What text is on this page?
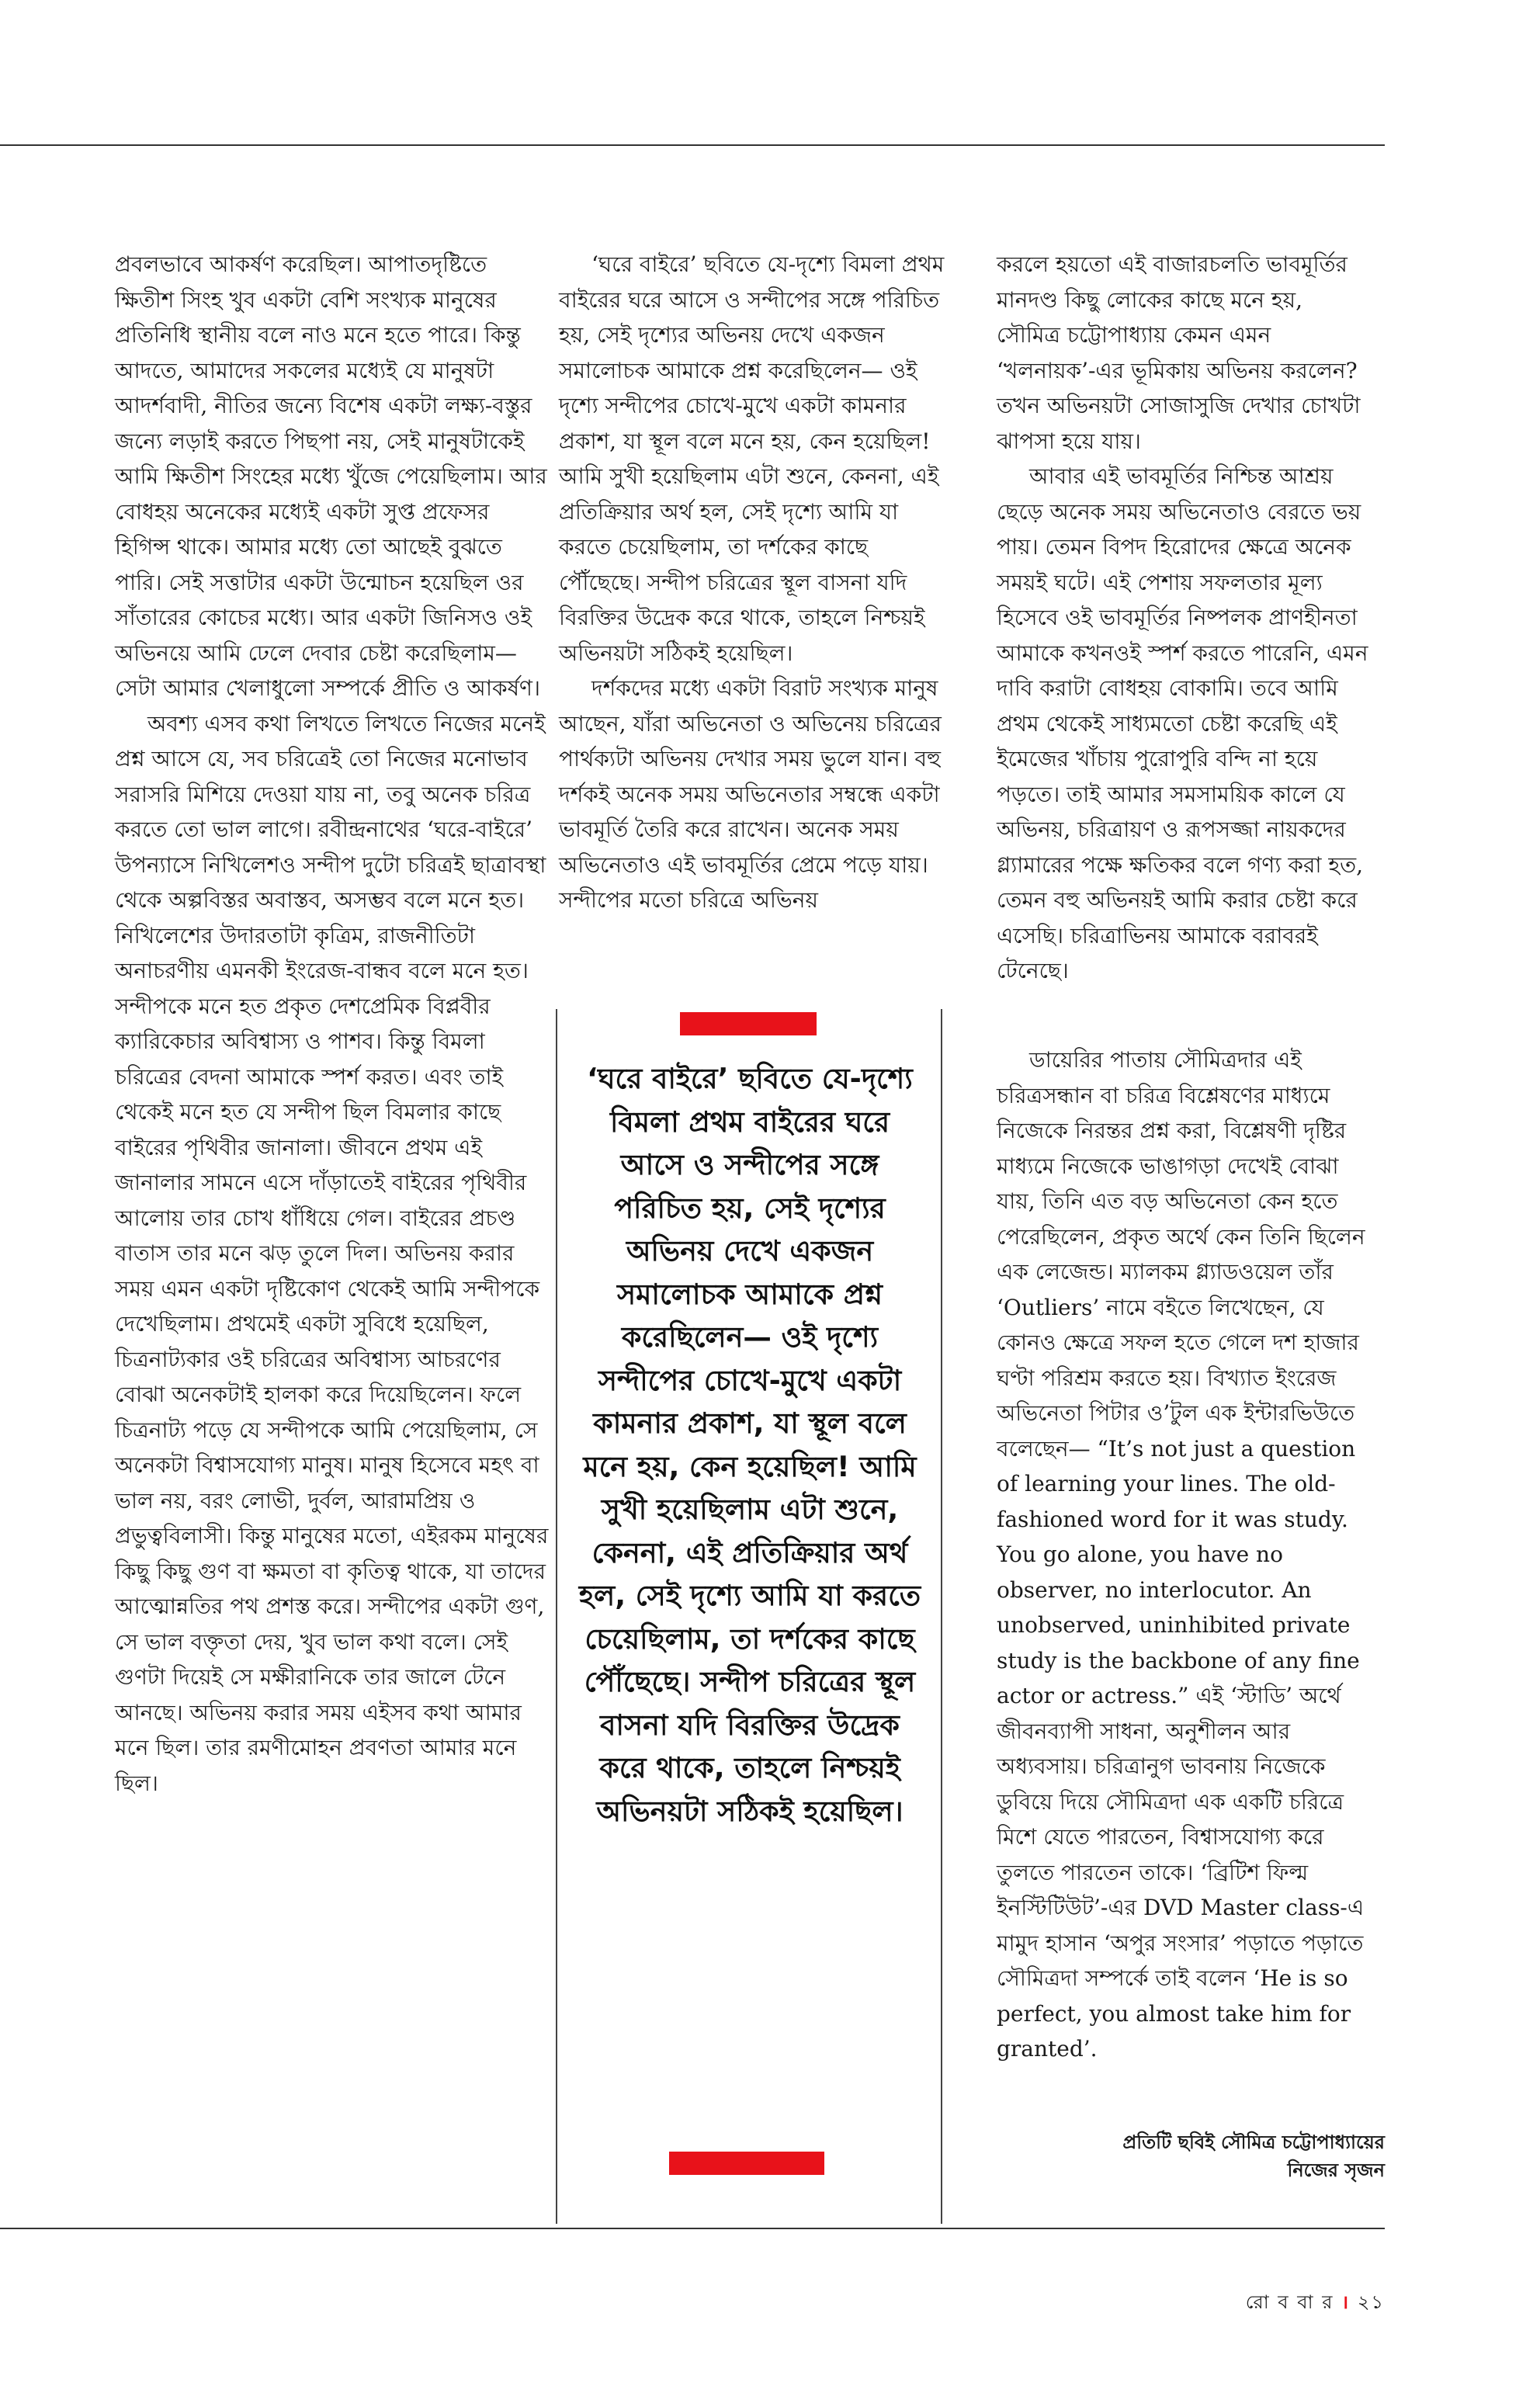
প্রবলভাবে আকর্ষণ করেছিল। আপাতদৃষ্টিতে ক্ষিতীশ সিংহ খুব একটা বেশি সংখ্যক মানুষের প্রতিনিধি স্থানীয় বলে নাও মনে হতে পারে। কিন্তু আদতে, আমাদের সকলের মধ্যেই যে মানুষটা আদর্শবাদী, নীতির জন্যে বিশেষ একটা লক্ষ্য-বস্তুর জন্যে লড়াই করতে পিছপা নয়, সেই মানুষটাকেই আমি ক্ষিতীশ সিংহের মধ্যে খুঁজে পেয়েছিলাম। আর বোধহয় অনেকের মধ্যেই একটা সুপ্ত প্রফেসর হিগিন্স থাকে। আমার মধ্যে তো আছেই বুঝতে পারি। সেই সত্তাটার একটা উন্মোচন হয়েছিল ওর সাঁতারের কোচের মধ্যে। আর একটা জিনিসও ওই অভিনয়ে আমি ঢেলে দেবার চেষ্টা করেছিলাম— সেটা আমার খেলাধুলো সম্পর্কে প্রীতি ও আকর্ষণ।

অবশ্য এসব কথা লিখতে লিখতে নিজের মনেই প্রশ্ন আসে যে, সব চরিত্রেই তো নিজের মনোভাব সরাসরি মিশিয়ে দেওয়া যায় না, তবু অনেক চরিত্র করতে তো ভাল লাগে। রবীন্দ্রনাথের ‘ঘরে-বাইরে’ উপন্যাসে নিখিলেশও সন্দীপ দুটো চরিত্রই ছাত্রাবস্থা থেকে অল্পবিস্তর অবাস্তব, অসম্ভব বলে মনে হত। নিখিলেশের উদারতাটা কৃত্রিম, রাজনীতিটা অনাচরণীয় এমনকী ইংরেজ-বান্ধব বলে মনে হত। সন্দীপকে মনে হত প্রকৃত দেশপ্রেমিক বিপ্লবীর ক্যারিকেচার অবিশ্বাস্য ও পাশব। কিন্তু বিমলা চরিত্রের বেদনা আমাকে স্পর্শ করত। এবং তাই থেকেই মনে হত যে সন্দীপ ছিল বিমলার কাছে বাইরের পৃথিবীর জানালা। জীবনে প্রথম এই জানালার সামনে এসে দাঁড়াতেই বাইরের পৃথিবীর আলোয় তার চোখ ধাঁধিয়ে গেল। বাইরের প্রচণ্ড বাতাস তার মনে ঝড় তুলে দিল। অভিনয় করার সময় এমন একটা দৃষ্টিকোণ থেকেই আমি সন্দীপকে দেখেছিলাম। প্রথমেই একটা সুবিধে হয়েছিল, চিত্রনাট্যকার ওই চরিত্রের অবিশ্বাস্য আচরণের বোঝা অনেকটাই হালকা করে দিয়েছিলেন। ফলে চিত্রনাট্য পড়ে যে সন্দীপকে আমি পেয়েছিলাম, সে অনেকটা বিশ্বাসযোগ্য মানুষ। মানুষ হিসেবে মহৎ বা ভাল নয়, বরং লোভী, দুর্বল, আরামপ্রিয় ও প্রভুত্ববিলাসী। কিন্তু মানুষের মতো, এইরকম মানুষের কিছু কিছু গুণ বা ক্ষমতা বা কৃতিত্ব থাকে, যা তাদের আত্মোন্নতির পথ প্রশস্ত করে। সন্দীপের একটা গুণ, সে ভাল বক্তৃতা দেয়, খুব ভাল কথা বলে। সেই গুণটা দিয়েই সে মক্ষীরানিকে তার জালে টেনে আনছে। অভিনয় করার সময় এইসব কথা আমার মনে ছিল। তার রমণীমোহন প্রবণতা আমার মনে ছিল।

‘ঘরে বাইরে’ ছবিতে যে-দৃশ্যে বিমলা প্রথম বাইরের ঘরে আসে ও সন্দীপের সঙ্গে পরিচিত হয়, সেই দৃশ্যের অভিনয় দেখে একজন সমালোচক আমাকে প্রশ্ন করেছিলেন— ওই দৃশ্যে সন্দীপের চোখে-মুখে একটা কামনার প্রকাশ, যা স্থূল বলে মনে হয়, কেন হয়েছিল! আমি সুখী হয়েছিলাম এটা শুনে, কেননা, এই প্রতিক্রিয়ার অর্থ হল, সেই দৃশ্যে আমি যা করতে চেয়েছিলাম, তা দর্শকের কাছে পৌঁছেছে। সন্দীপ চরিত্রের স্থূল বাসনা যদি বিরক্তির উদ্রেক করে থাকে, তাহলে নিশ্চয়ই অভিনয়টা সঠিকই হয়েছিল।

দর্শকদের মধ্যে একটা বিরাট সংখ্যক মানুষ আছেন, যাঁরা অভিনেতা ও অভিনেয় চরিত্রের পার্থক্যটা অভিনয় দেখার সময় ভুলে যান। বহু দর্শকই অনেক সময় অভিনেতার সম্বন্ধে একটা ভাবমূর্তি তৈরি করে রাখেন। অনেক সময় অভিনেতাও এই ভাবমূর্তির প্রেমে পড়ে যায়। সন্দীপের মতো চরিত্রে অভিনয়

করলে হয়তো এই বাজারচলতি ভাবমূর্তির মানদণ্ড কিছু লোকের কাছে মনে হয়, সৌমিত্র চট্টোপাধ্যায় কেমন এমন ‘খলনায়ক’-এর ভূমিকায় অভিনয় করলেন? তখন অভিনয়টা সোজাসুজি দেখার চোখটা ঝাপসা হয়ে যায়।

আবার এই ভাবমূর্তির নিশ্চিন্ত আশ্রয় ছেড়ে অনেক সময় অভিনেতাও বেরতে ভয় পায়। তেমন বিপদ হিরোদের ক্ষেত্রে অনেক সময়ই ঘটে। এই পেশায় সফলতার মূল্য হিসেবে ওই ভাবমূর্তির নিষ্পলক প্রাণহীনতা আমাকে কখনওই স্পর্শ করতে পারেনি, এমন দাবি করাটা বোধহয় বোকামি। তবে আমি প্রথম থেকেই সাধ্যমতো চেষ্টা করেছি এই ইমেজের খাঁচায় পুরোপুরি বন্দি না হয়ে পড়তে। তাই আমার সমসাময়িক কালে যে অভিনয়, চরিত্রায়ণ ও রূপসজ্জা নায়কদের গ্ল্যামারের পক্ষে ক্ষতিকর বলে গণ্য করা হত, তেমন বহু অভিনয়ই আমি করার চেষ্টা করে এসেছি। চরিত্রাভিনয় আমাকে বরাবরই টেনেছে।

ডায়েরির পাতায় সৌমিত্রদার এই চরিত্রসন্ধান বা চরিত্র বিশ্লেষণের মাধ্যমে নিজেকে নিরন্তর প্রশ্ন করা, বিশ্লেষণী দৃষ্টির মাধ্যমে নিজেকে ভাঙাগড়া দেখেই বোঝা যায়, তিনি এত বড় অভিনেতা কেন হতে পেরেছিলেন, প্রকৃত অর্থে কেন তিনি ছিলেন এক লেজেন্ড। ম্যালকম গ্ল্যাডওয়েল তাঁর ‘Outliers’ নামে বইতে লিখেছেন, যে কোনও ক্ষেত্রে সফল হতে গেলে দশ হাজার ঘণ্টা পরিশ্রম করতে হয়। বিখ্যাত ইংরেজ অভিনেতা পিটার ও’টুল এক ইন্টারভিউতে বলেছেন— “It’s not just a question of learning your lines. The old-fashioned word for it was study. You go alone, you have no observer, no interlocutor. An unobserved, uninhibited private study is the backbone of any fine actor or actress.” এই ‘স্টাডি’ অর্থে জীবনব্যাপী সাধনা, অনুশীলন আর অধ্যবসায়। চরিত্রানুগ ভাবনায় নিজেকে ডুবিয়ে দিয়ে সৌমিত্রদা এক একটি চরিত্রে মিশে যেতে পারতেন, বিশ্বাসযোগ্য করে তুলতে পারতেন তাকে। ‘ব্রিটিশ ফিল্ম ইনস্টিটিউট’-এর DVD Master class-এ মামুদ হাসান ‘অপুর সংসার’ পড়াতে পড়াতে সৌমিত্রদা সম্পর্কে তাই বলেন ‘He is so perfect, you almost take him for granted’.

‘ঘরে বাইরে’ ছবিতে যে-দৃশ্যে বিমলা প্রথম বাইরের ঘরে আসে ও সন্দীপের সঙ্গে পরিচিত হয়, সেই দৃশ্যের অভিনয় দেখে একজন সমালোচক আমাকে প্রশ্ন করেছিলেন— ওই দৃশ্যে সন্দীপের চোখে-মুখে একটা কামনার প্রকাশ, যা স্থূল বলে মনে হয়, কেন হয়েছিল! আমি সুখী হয়েছিলাম এটা শুনে, কেননা, এই প্রতিক্রিয়ার অর্থ হল, সেই দৃশ্যে আমি যা করতে চেয়েছিলাম, তা দর্শকের কাছে পৌঁছেছে। সন্দীপ চরিত্রের স্থূল বাসনা যদি বিরক্তির উদ্রেক করে থাকে, তাহলে নিশ্চয়ই অভিনয়টা সঠিকই হয়েছিল।
প্রতিটি ছবিই সৌমিত্র চট্টোপাধ্যায়ের
নিজের সৃজন
রো ব বা র । ২১
